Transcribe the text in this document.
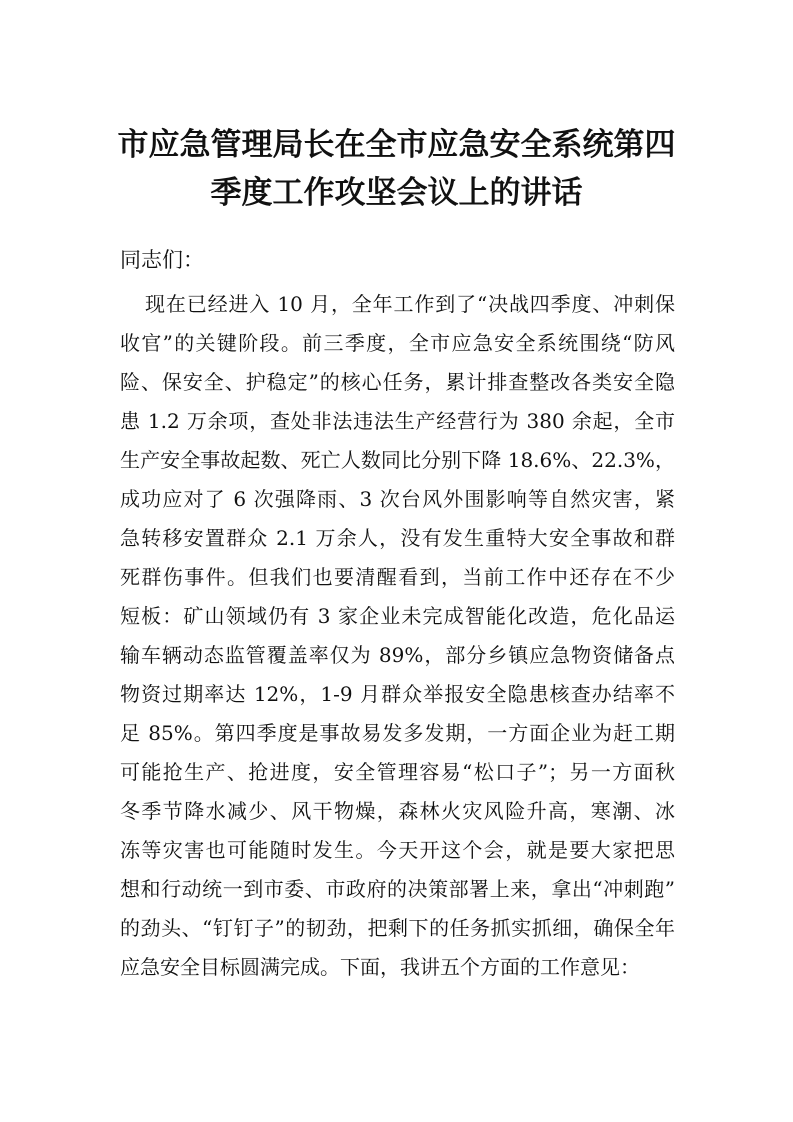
市应急管理局长在全市应急安全系统第四
季度工作攻坚会议上的讲话

同志们：

现在已经进入 10 月，全年工作到了“决战四季度、冲刺保

收官”的关键阶段。前三季度，全市应急安全系统围绕“防风

险、保安全、护稳定”的核心任务，累计排查整改各类安全隐

患 1.2 万余项，查处非法违法生产经营行为 380 余起，全市

生产安全事故起数、死亡人数同比分别下降 18.6%、22.3%，

成功应对了 6 次强降雨、3 次台风外围影响等自然灾害，紧

急转移安置群众 2.1 万余人，没有发生重特大安全事故和群

死群伤事件。但我们也要清醒看到，当前工作中还存在不少

短板：矿山领域仍有 3 家企业未完成智能化改造，危化品运

输车辆动态监管覆盖率仅为 89%，部分乡镇应急物资储备点

物资过期率达 12%，1-9 月群众举报安全隐患核查办结率不

足 85%。第四季度是事故易发多发期，一方面企业为赶工期

可能抢生产、抢进度，安全管理容易“松口子”；另一方面秋

冬季节降水减少、风干物燥，森林火灾风险升高，寒潮、冰

冻等灾害也可能随时发生。今天开这个会，就是要大家把思

想和行动统一到市委、市政府的决策部署上来，拿出“冲刺跑”

的劲头、“钉钉子”的韧劲，把剩下的任务抓实抓细，确保全年

应急安全目标圆满完成。下面，我讲五个方面的工作意见：
